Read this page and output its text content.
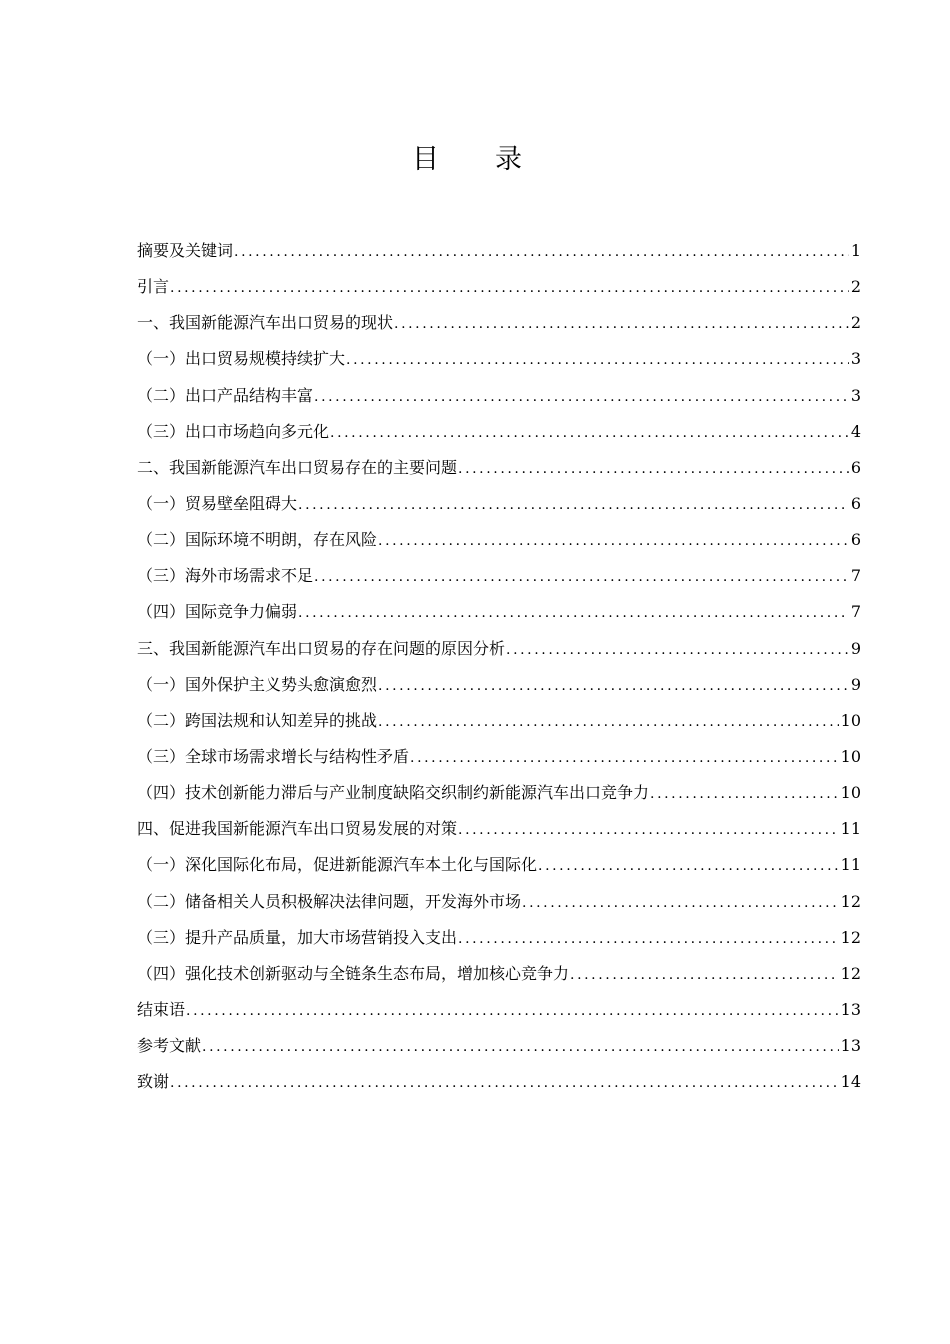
目录
摘要及关键词 .....	1
引言 .....	2
一、我国新能源汽车出口贸易的现状 .....	2
（一）出口贸易规模持续扩大 .....	3
（二）出口产品结构丰富 .....	3
（三）出口市场趋向多元化 .....	4
二、我国新能源汽车出口贸易存在的主要问题 .....	6
（一）贸易壁垒阻碍大 .....	6
（二）国际环境不明朗，存在风险 .....	6
（三）海外市场需求不足 .....	7
（四）国际竞争力偏弱 .....	7
三、我国新能源汽车出口贸易的存在问题的原因分析 .....	9
（一）国外保护主义势头愈演愈烈 .....	9
（二）跨国法规和认知差异的挑战 .....	10
（三）全球市场需求增长与结构性矛盾 .....	10
（四）技术创新能力滞后与产业制度缺陷交织制约新能源汽车出口竞争力 .....	10
四、促进我国新能源汽车出口贸易发展的对策 .....	11
（一）深化国际化布局，促进新能源汽车本土化与国际化 .....	11
（二）储备相关人员积极解决法律问题，开发海外市场 .....	12
（三）提升产品质量，加大市场营销投入支出 .....	12
（四）强化技术创新驱动与全链条生态布局，增加核心竞争力 .....	12
结束语 .....	13
参考文献 .....	13
致谢 .....	14
